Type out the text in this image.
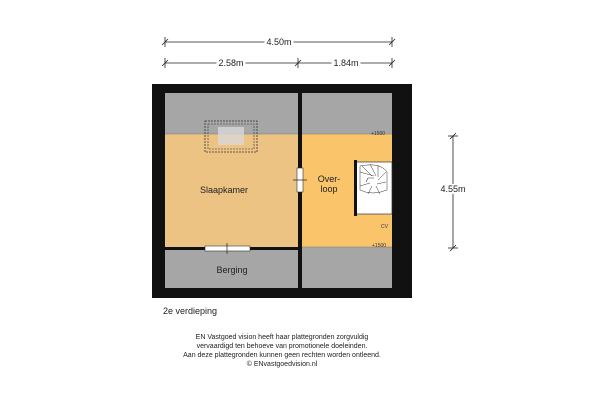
4.50m
2.58m	1.84m
4.55m
Slaapkamer
Over-
loop
Berging
+1500
+1500
CV
2e verdieping
EN Vastgoed vision heeft haar plattegronden zorgvuldig
vervaardigd ten behoeve van promotionele doeleinden.
Aan deze plattegronden kunnen geen rechten worden ontleend.
© ENvastgoedvision.nl
